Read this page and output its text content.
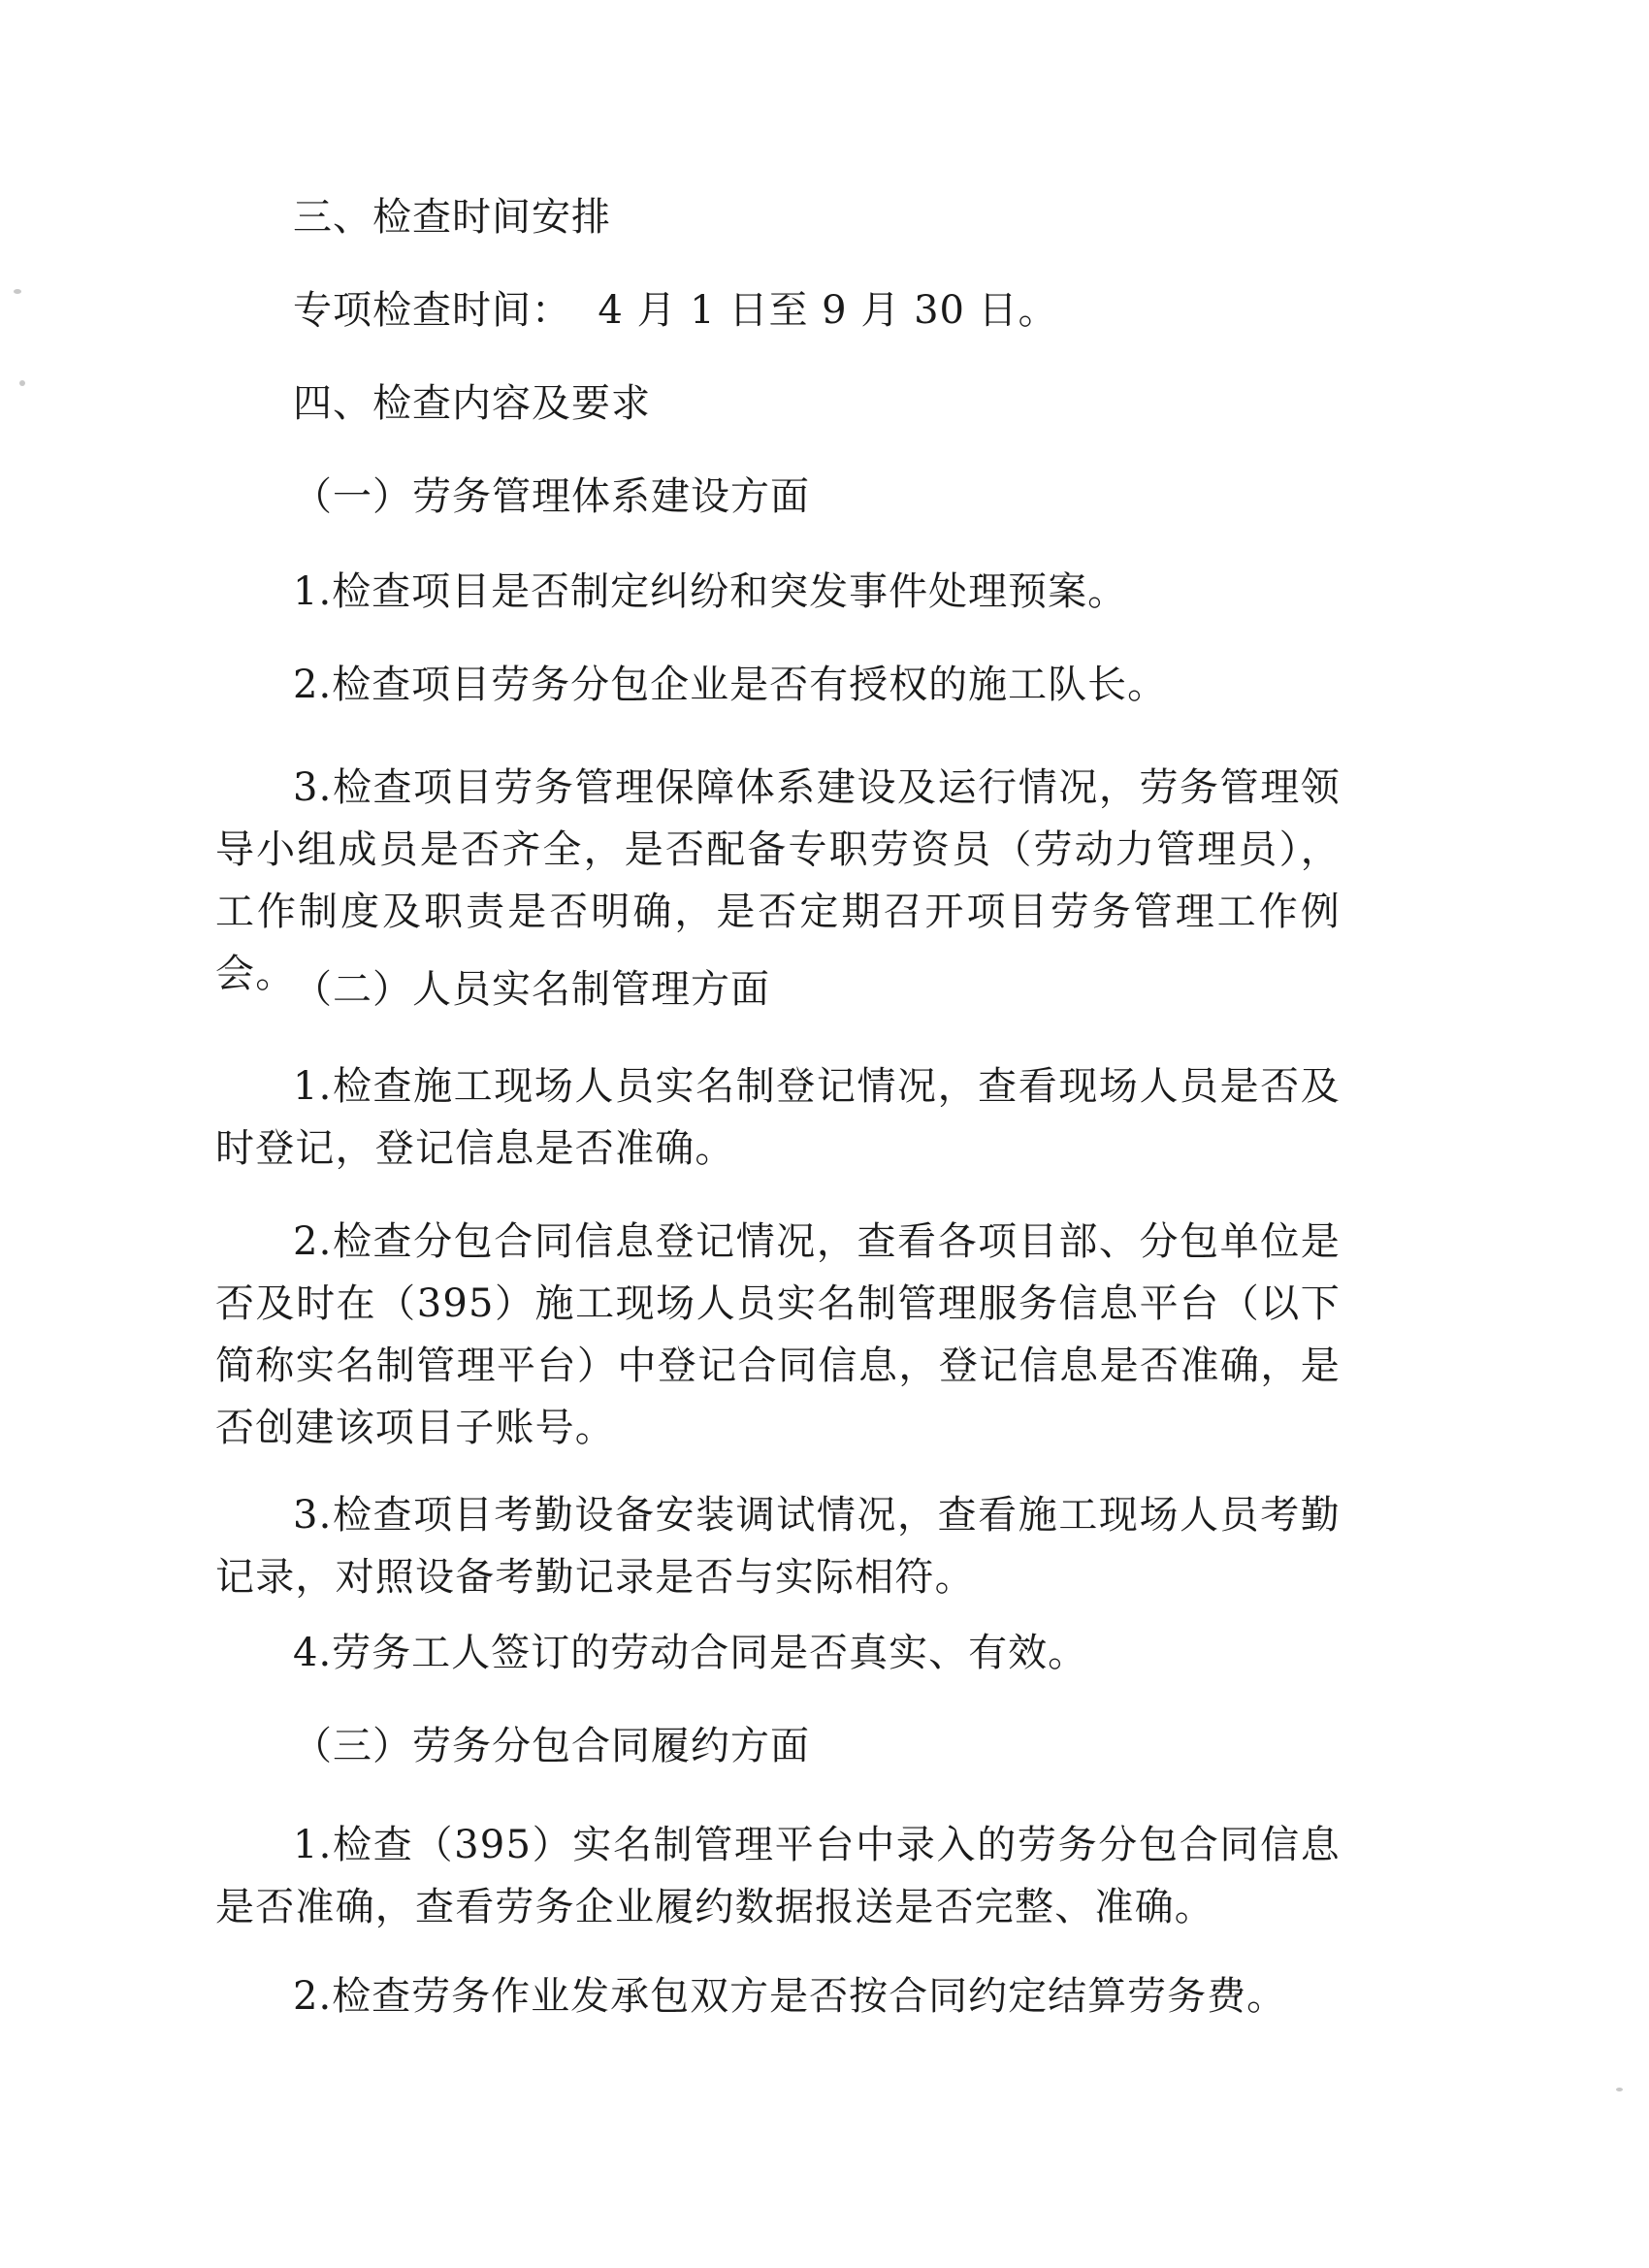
三、检查时间安排
专项检查时间：  4 月 1 日至 9 月 30 日。
四、检查内容及要求
（一）劳务管理体系建设方面
1.检查项目是否制定纠纷和突发事件处理预案。
2.检查项目劳务分包企业是否有授权的施工队长。
3.检查项目劳务管理保障体系建设及运行情况，劳务管理领导小组成员是否齐全，是否配备专职劳资员（劳动力管理员），工作制度及职责是否明确，是否定期召开项目劳务管理工作例会。
（二）人员实名制管理方面
1.检查施工现场人员实名制登记情况，查看现场人员是否及时登记，登记信息是否准确。
2.检查分包合同信息登记情况，查看各项目部、分包单位是否及时在（395）施工现场人员实名制管理服务信息平台（以下简称实名制管理平台）中登记合同信息，登记信息是否准确，是否创建该项目子账号。
3.检查项目考勤设备安装调试情况，查看施工现场人员考勤记录，对照设备考勤记录是否与实际相符。
4.劳务工人签订的劳动合同是否真实、有效。
（三）劳务分包合同履约方面
1.检查（395）实名制管理平台中录入的劳务分包合同信息是否准确，查看劳务企业履约数据报送是否完整、准确。
2.检查劳务作业发承包双方是否按合同约定结算劳务费。
